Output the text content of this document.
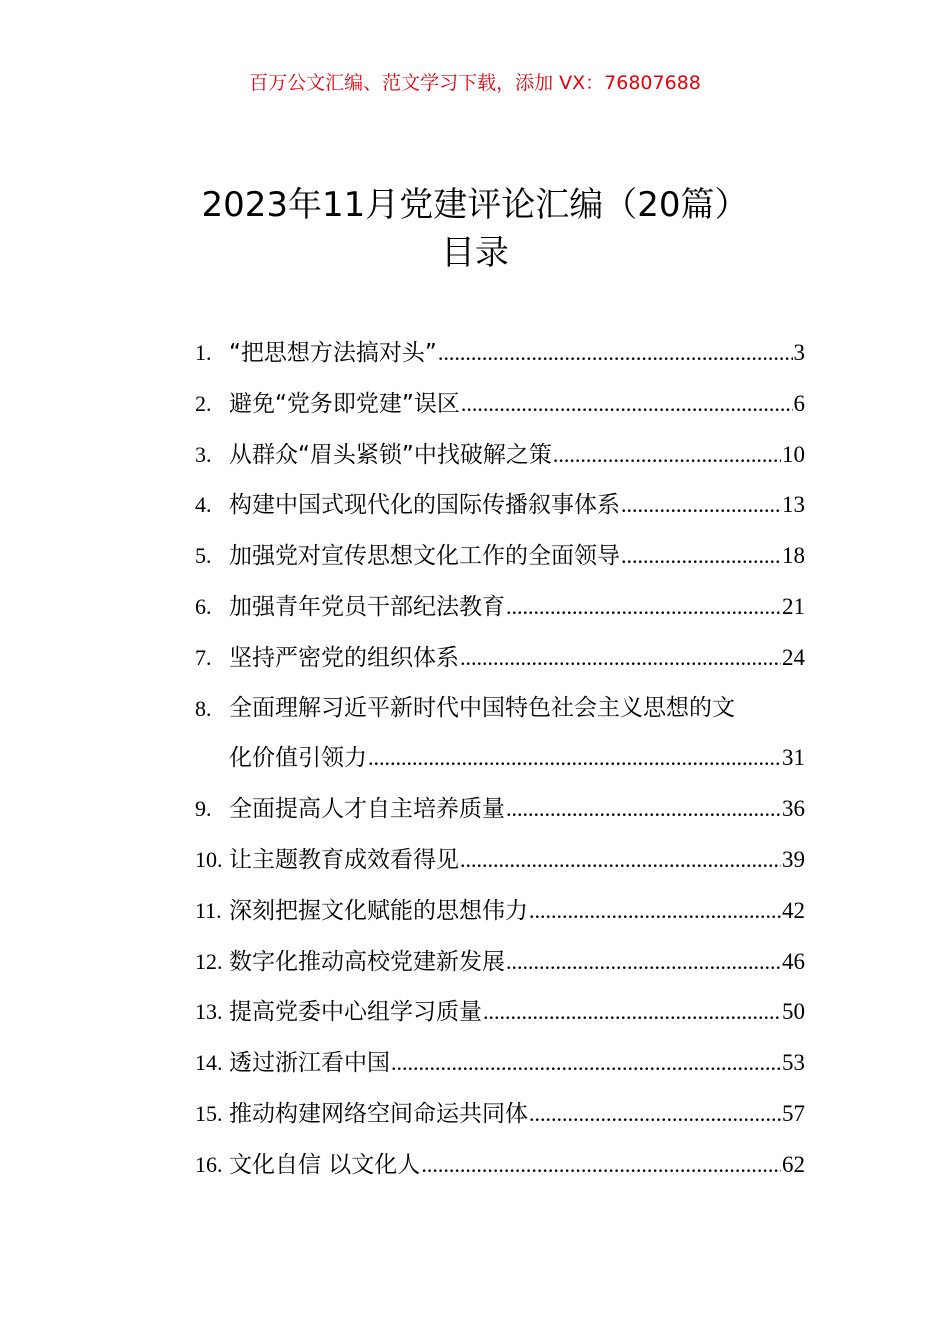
百万公文汇编、范文学习下载，添加 VX：76807688
2023年11月党建评论汇编（20篇）
目录
1. “把思想方法搞对头” .....	3
2. 避免“党务即党建”误区 .....	6
3. 从群众“眉头紧锁”中找破解之策 .....	10
4. 构建中国式现代化的国际传播叙事体系 .....	13
5. 加强党对宣传思想文化工作的全面领导 .....	18
6. 加强青年党员干部纪法教育 .....	21
7. 坚持严密党的组织体系 .....	24
8. 全面理解习近平新时代中国特色社会主义思想的文
化价值引领力 .....	31
9. 全面提高人才自主培养质量 .....	36
10. 让主题教育成效看得见 .....	39
11. 深刻把握文化赋能的思想伟力 .....	42
12. 数字化推动高校党建新发展 .....	46
13. 提高党委中心组学习质量 .....	50
14. 透过浙江看中国 .....	53
15. 推动构建网络空间命运共同体 .....	57
16. 文化自信 以文化人 .....	62
